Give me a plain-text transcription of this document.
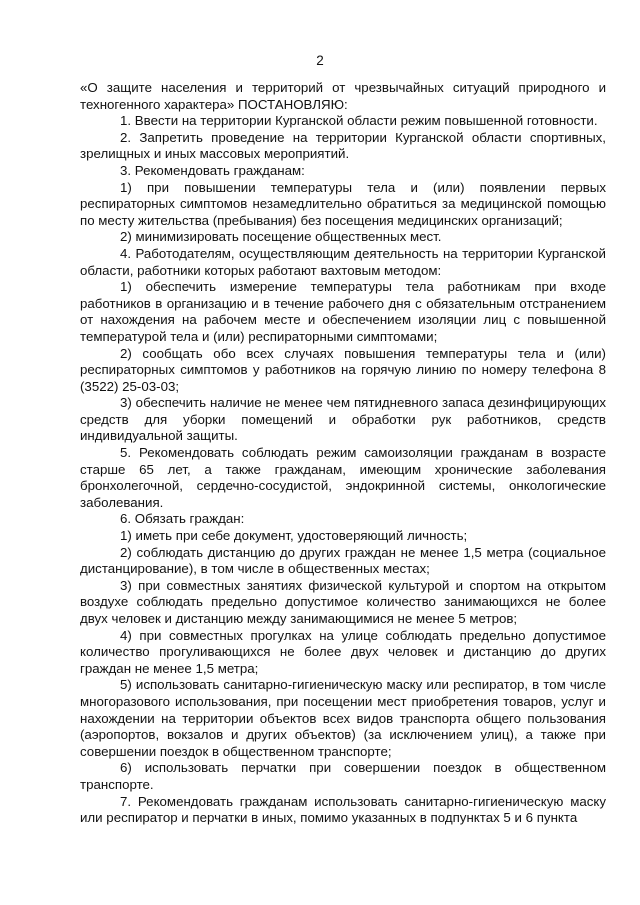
2

«О защите населения и территорий от чрезвычайных ситуаций природного и техногенного характера» ПОСТАНОВЛЯЮ:

1. Ввести на территории Курганской области режим повышенной готовности.

2. Запретить проведение на территории Курганской области спортивных, зрелищных и иных массовых мероприятий.

3. Рекомендовать гражданам:

1) при повышении температуры тела и (или) появлении первых респираторных симптомов незамедлительно обратиться за медицинской помощью по месту жительства (пребывания) без посещения медицинских организаций;

2) минимизировать посещение общественных мест.

4. Работодателям, осуществляющим деятельность на территории Курганской области, работники которых работают вахтовым методом:

1) обеспечить измерение температуры тела работникам при входе работников в организацию и в течение рабочего дня с обязательным отстранением от нахождения на рабочем месте и обеспечением изоляции лиц с повышенной температурой тела и (или) респираторными симптомами;

2) сообщать обо всех случаях повышения температуры тела и (или) респираторных симптомов у работников на горячую линию по номеру телефона 8 (3522) 25-03-03;

3) обеспечить наличие не менее чем пятидневного запаса дезинфицирующих средств для уборки помещений и обработки рук работников, средств индивидуальной защиты.

5. Рекомендовать соблюдать режим самоизоляции гражданам в возрасте старше 65 лет, а также гражданам, имеющим хронические заболевания бронхолегочной, сердечно-сосудистой, эндокринной системы, онкологические заболевания.

6. Обязать граждан:

1) иметь при себе документ, удостоверяющий личность;

2) соблюдать дистанцию до других граждан не менее 1,5 метра (социальное дистанцирование), в том числе в общественных местах;

3) при совместных занятиях физической культурой и спортом на открытом воздухе соблюдать предельно допустимое количество занимающихся не более двух человек и дистанцию между занимающимися не менее 5 метров;

4) при совместных прогулках на улице соблюдать предельно допустимое количество прогуливающихся не более двух человек и дистанцию до других граждан не менее 1,5 метра;

5) использовать санитарно-гигиеническую маску или респиратор, в том числе многоразового использования, при посещении мест приобретения товаров, услуг и нахождении на территории объектов всех видов транспорта общего пользования (аэропортов, вокзалов и других объектов) (за исключением улиц), а также при совершении поездок в общественном транспорте;

6) использовать перчатки при совершении поездок в общественном транспорте.

7. Рекомендовать гражданам использовать санитарно-гигиеническую маску или респиратор и перчатки в иных, помимо указанных в подпунктах 5 и 6 пункта
